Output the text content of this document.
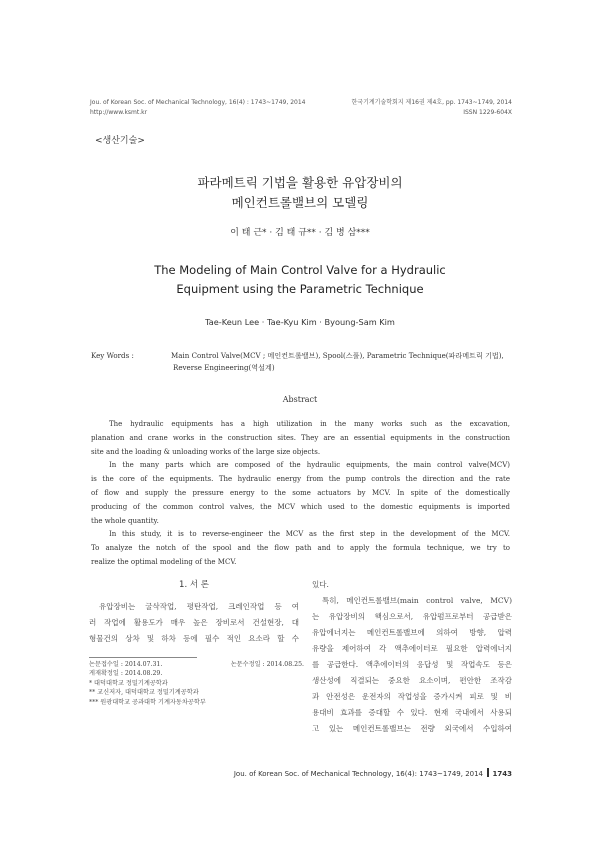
Jou. of Korean Soc. of Mechanical Technology, 16(4) : 1743~1749, 2014
http://www.ksmt.kr
한국기계기술학회지 제16권 제4호, pp. 1743~1749, 2014
ISSN 1229-604X
<생산기술>
파라메트릭 기법을 활용한 유압장비의
메인컨트롤밸브의 모델링
이 태 근* · 김 태 규** · 김 병 삼***
The Modeling of Main Control Valve for a Hydraulic
Equipment using the Parametric Technique
Tae-Keun Lee · Tae-Kyu Kim · Byoung-Sam Kim
Key Words :	Main Control Valve(MCV ; 메인컨트롤밸브), Spool(스풀), Parametric Technique(파라메트릭 기법),
Reverse Engineering(역설계)
Abstract
The hydraulic equipments has a high utilization in the many works such as the excavation,
planation and crane works in the construction sites. They are an essential equipments in the construction
site and the loading & unloading works of the large size objects.
In the many parts which are composed of the hydraulic equipments, the main control valve(MCV)
is the core of the equipments. The hydraulic energy from the pump controls the direction and the rate
of flow and supply the pressure energy to the some actuators by MCV. In spite of the domestically
producing of the common control valves, the MCV which used to the domestic equipments is imported
the whole quantity.
In this study, it is to reverse-engineer the MCV as the first step in the development of the MCV.
To analyze the notch of the spool and the flow path and to apply the formula technique, we try to
realize the optimal modeling of the MCV.
1. 서 론
유압장비는 굴삭작업, 평탄작업, 크레인작업 등 여
러 작업에 활용도가 매우 높은 장비로서 건설현장, 대
형물건의 상차 및 하차 등에 필수 적인 요소라 할 수
논문접수일 : 2014.07.31.	논문수정일 : 2014.08.25.
게재확정일 : 2014.08.29.
* 대덕대학교 정밀기계공학과
** 교신저자, 대덕대학교 정밀기계공학과
*** 원광대학교 공과대학 기계자동차공학부
있다.
특히, 메인컨트롤밸브(main control valve, MCV)
는 유압장비의 핵심으로서, 유압펌프로부터 공급받은
유압에너지는 메인컨트롤밸브에 의하여 방향, 압력
유량을 제어하여 각 액추에이터로 필요한 압력에너지
를 공급한다. 액추에이터의 응답성 및 작업속도 등은
생산성에 직결되는 중요한 요소이며, 편안한 조작감
과 안전성은 운전자의 작업성을 증가시켜 피로 및 비
용대비 효과를 증대할 수 있다. 현재 국내에서 사용되
고 있는 메인컨트롤밸브는 전량 외국에서 수입하여
Jou. of Korean Soc. of Mechanical Technology, 16(4): 1743~1749, 2014 1743
